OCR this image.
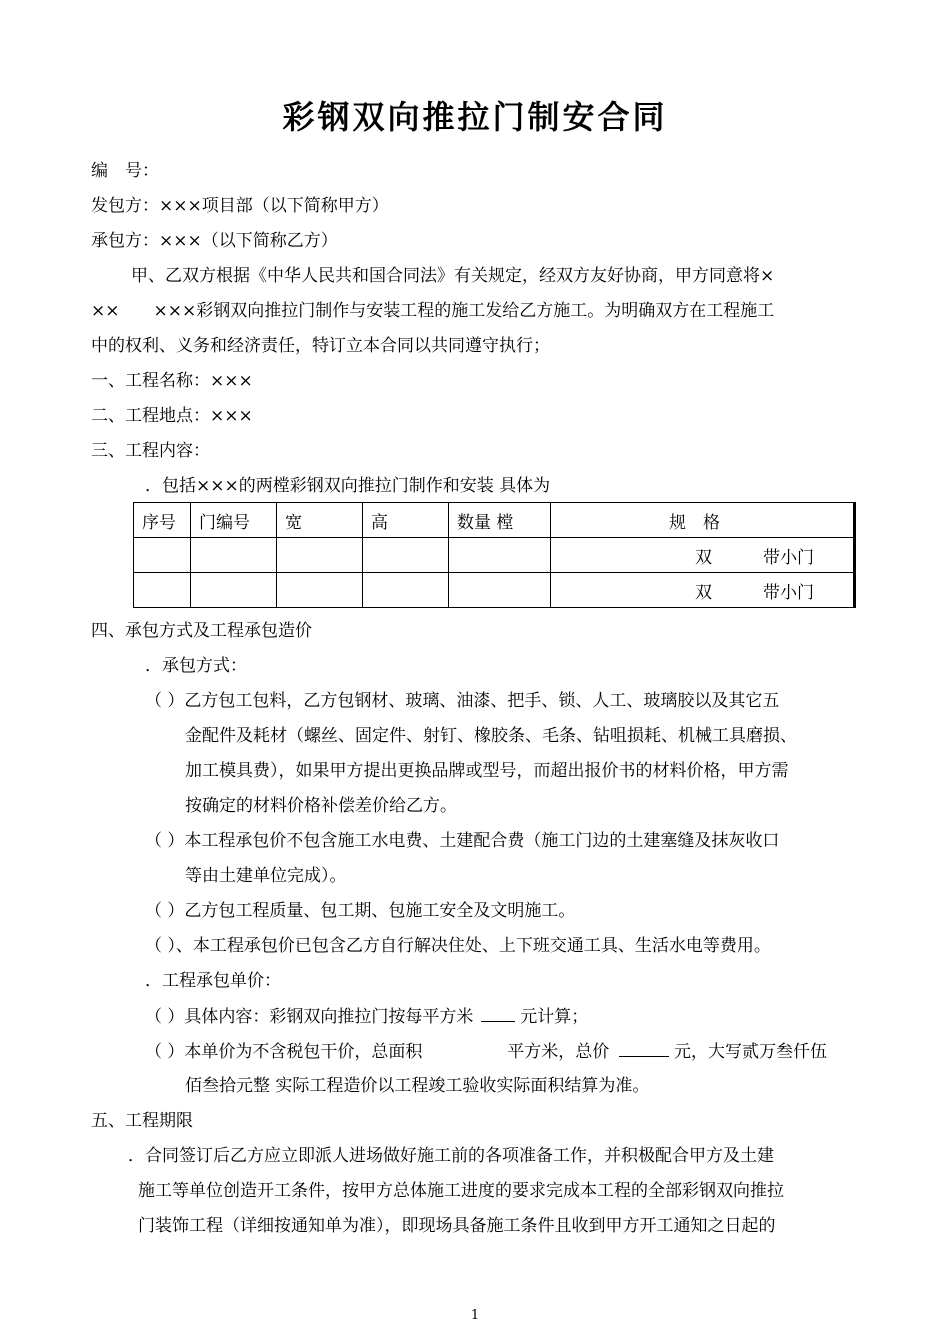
彩钢双向推拉门制安合同
编　号：
发包方：×××项目部（以下简称甲方）
承包方：×××（以下简称乙方）
甲、乙双方根据《中华人民共和国合同法》有关规定，经双方友好协商，甲方同意将×
××　　×××彩钢双向推拉门制作与安装工程的施工发给乙方施工。为明确双方在工程施工
中的权利、义务和经济责任，特订立本合同以共同遵守执行；
一、工程名称：×××
二、工程地点：×××
三、工程内容：
．包括×××的两樘彩钢双向推拉门制作和安装 具体为
序号	门编号	宽	高	数量 樘	规　格
					双　　　带小门
					双　　　带小门
四、承包方式及工程承包造价
．承包方式：
（ ）乙方包工包料，乙方包钢材、玻璃、油漆、把手、锁、人工、玻璃胶以及其它五
金配件及耗材（螺丝、固定件、射钉、橡胶条、毛条、钻咀损耗、机械工具磨损、
加工模具费），如果甲方提出更换品牌或型号，而超出报价书的材料价格，甲方需
按确定的材料价格补偿差价给乙方。
（ ）本工程承包价不包含施工水电费、土建配合费（施工门边的土建塞缝及抹灰收口
等由土建单位完成）。
（ ）乙方包工程质量、包工期、包施工安全及文明施工。
（ ）、本工程承包价已包含乙方自行解决住处、上下班交通工具、生活水电等费用。
．工程承包单价：
（ ）具体内容：彩钢双向推拉门按每平方米	元计算；
（ ）本单价为不含税包干价，总面积	平方米，总价	元，大写贰万叁仟伍
佰叁拾元整 实际工程造价以工程竣工验收实际面积结算为准。
五、工程期限
．合同签订后乙方应立即派人进场做好施工前的各项准备工作，并积极配合甲方及土建
施工等单位创造开工条件，按甲方总体施工进度的要求完成本工程的全部彩钢双向推拉
门装饰工程（详细按通知单为准），即现场具备施工条件且收到甲方开工通知之日起的
1
